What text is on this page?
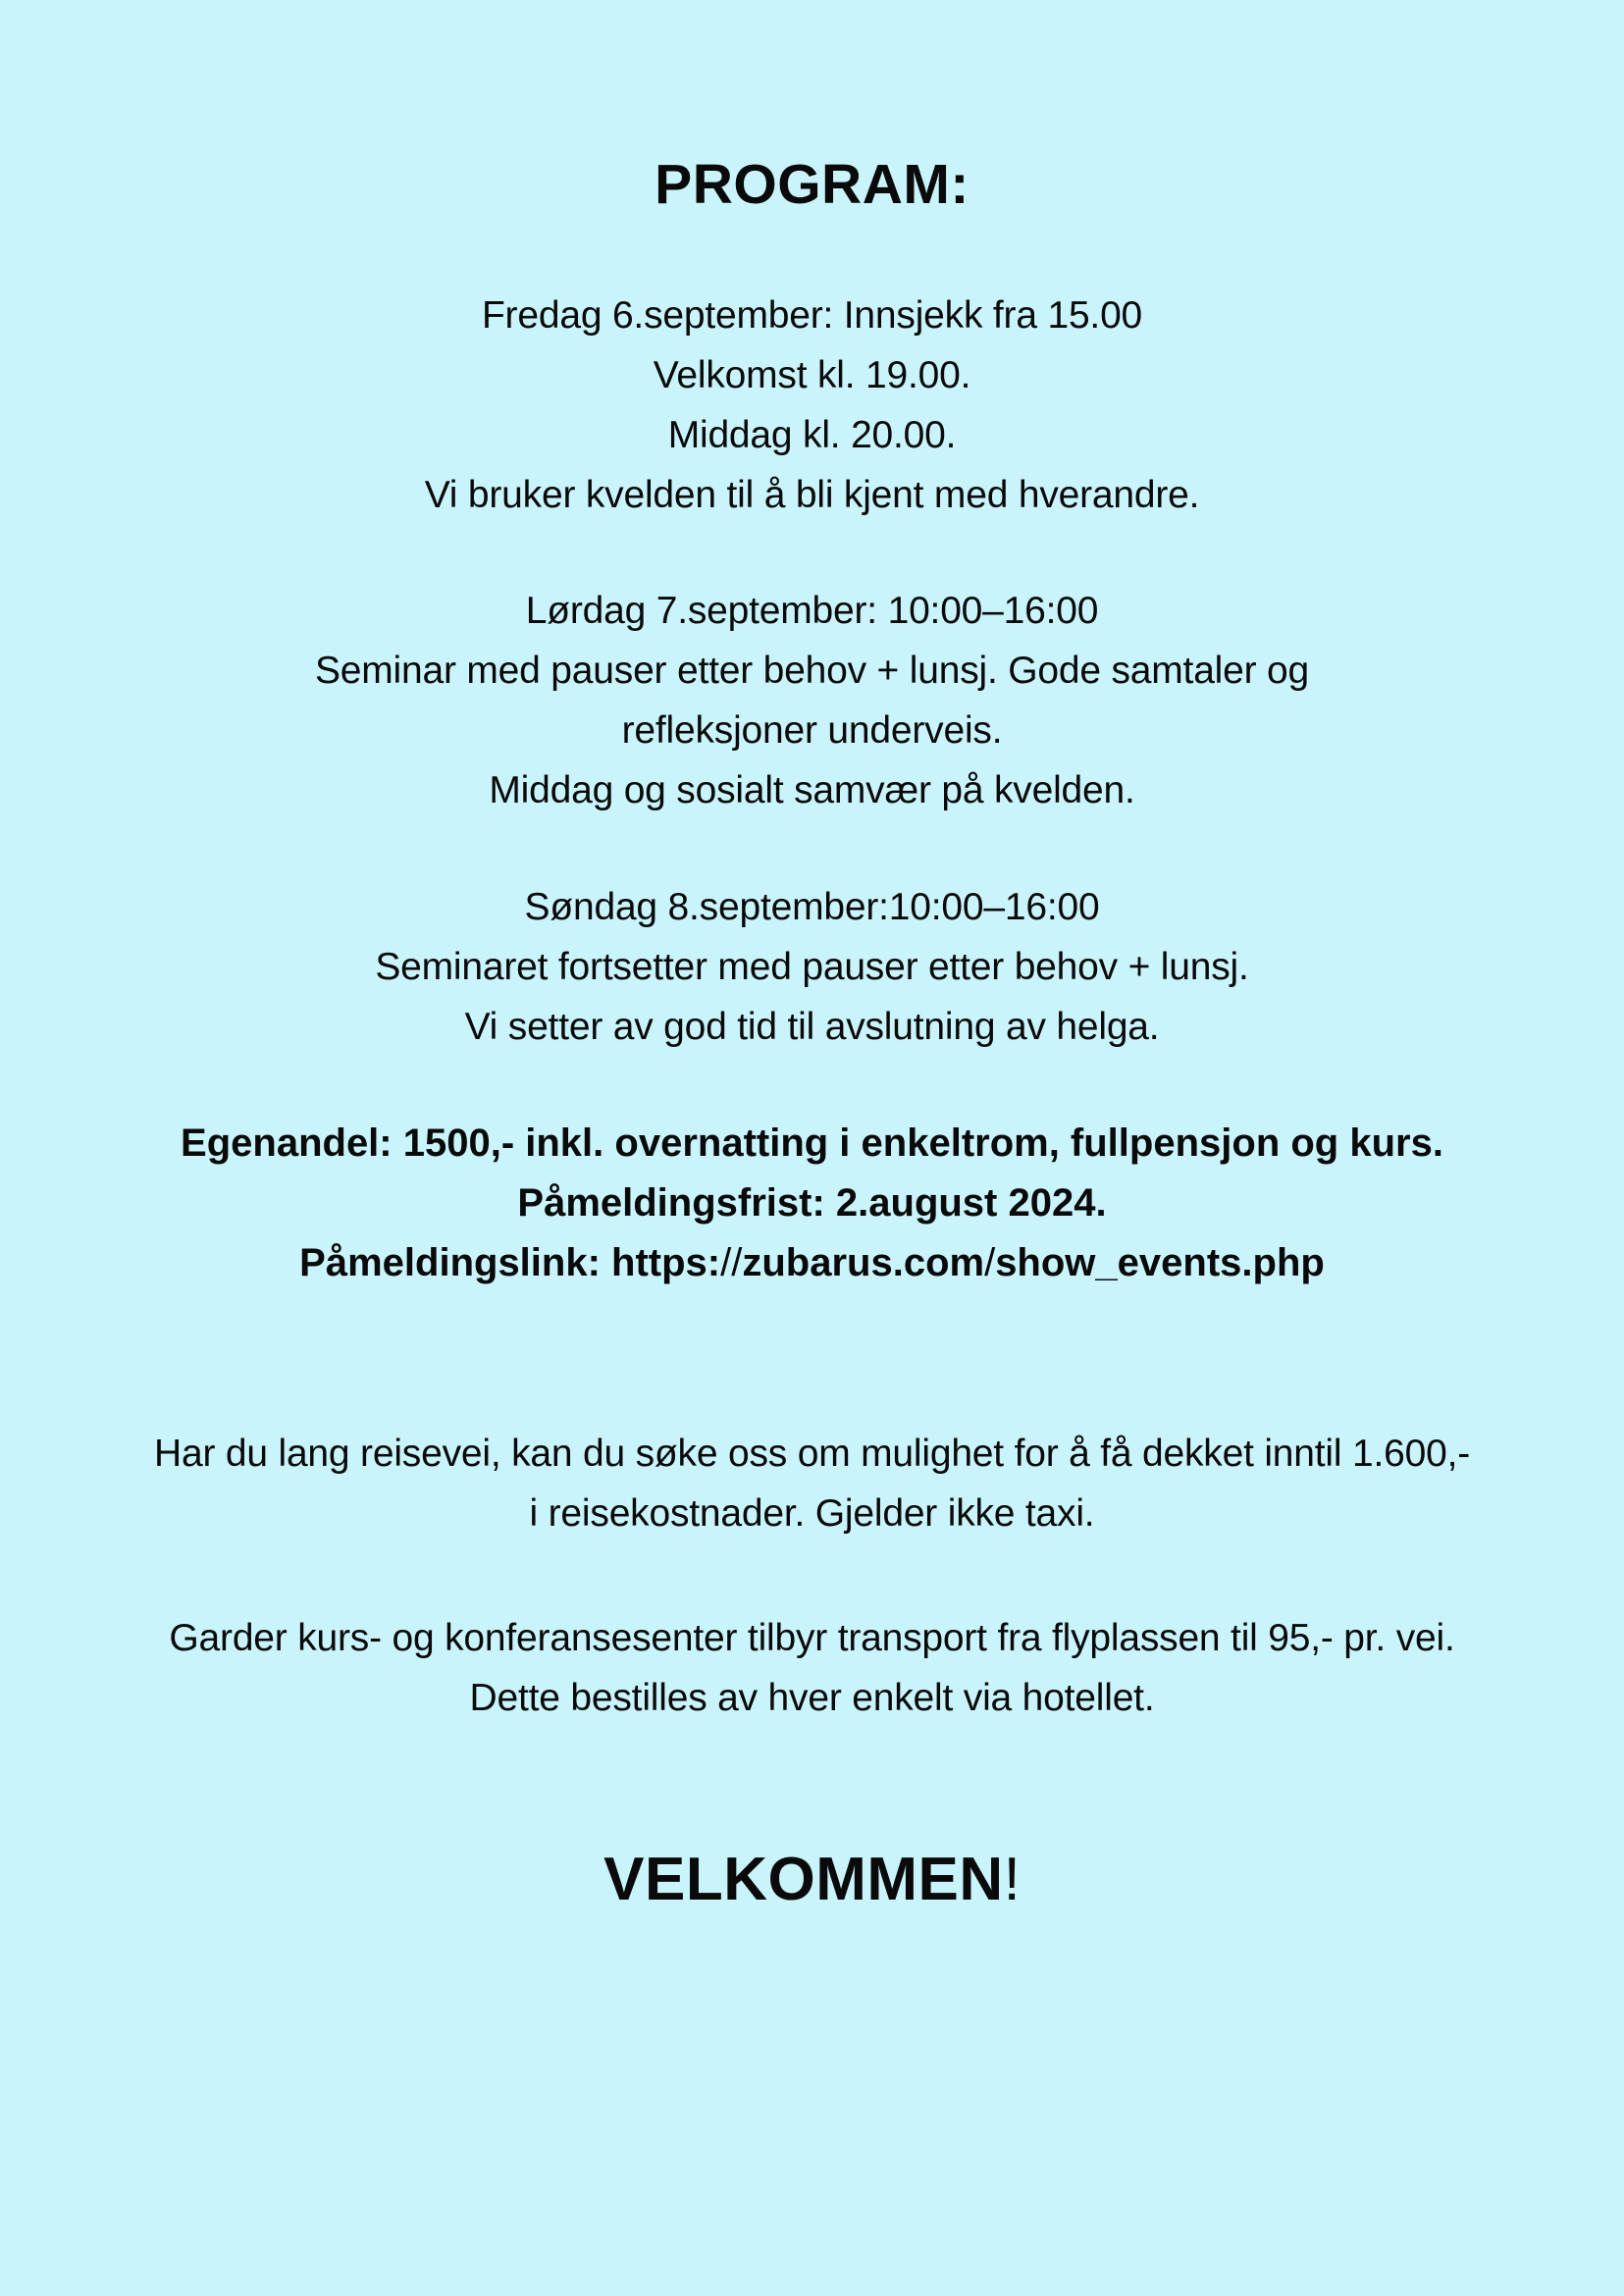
PROGRAM:
Fredag 6.september: Innsjekk fra 15.00
Velkomst kl. 19.00.
Middag kl. 20.00.
Vi bruker kvelden til å bli kjent med hverandre.
Lørdag 7.september: 10:00–16:00
Seminar med pauser etter behov + lunsj. Gode samtaler og
refleksjoner underveis.
Middag og sosialt samvær på kvelden.
Søndag 8.september:10:00–16:00
Seminaret fortsetter med pauser etter behov + lunsj.
Vi setter av god tid til avslutning av helga.
Egenandel: 1500,- inkl. overnatting i enkeltrom, fullpensjon og kurs.
Påmeldingsfrist: 2.august 2024.
Påmeldingslink: https://zubarus.com/show_events.php
Har du lang reisevei, kan du søke oss om mulighet for å få dekket inntil 1.600,-
i reisekostnader. Gjelder ikke taxi.
Garder kurs- og konferansesenter tilbyr transport fra flyplassen til 95,- pr. vei.
Dette bestilles av hver enkelt via hotellet.
VELKOMMEN!
